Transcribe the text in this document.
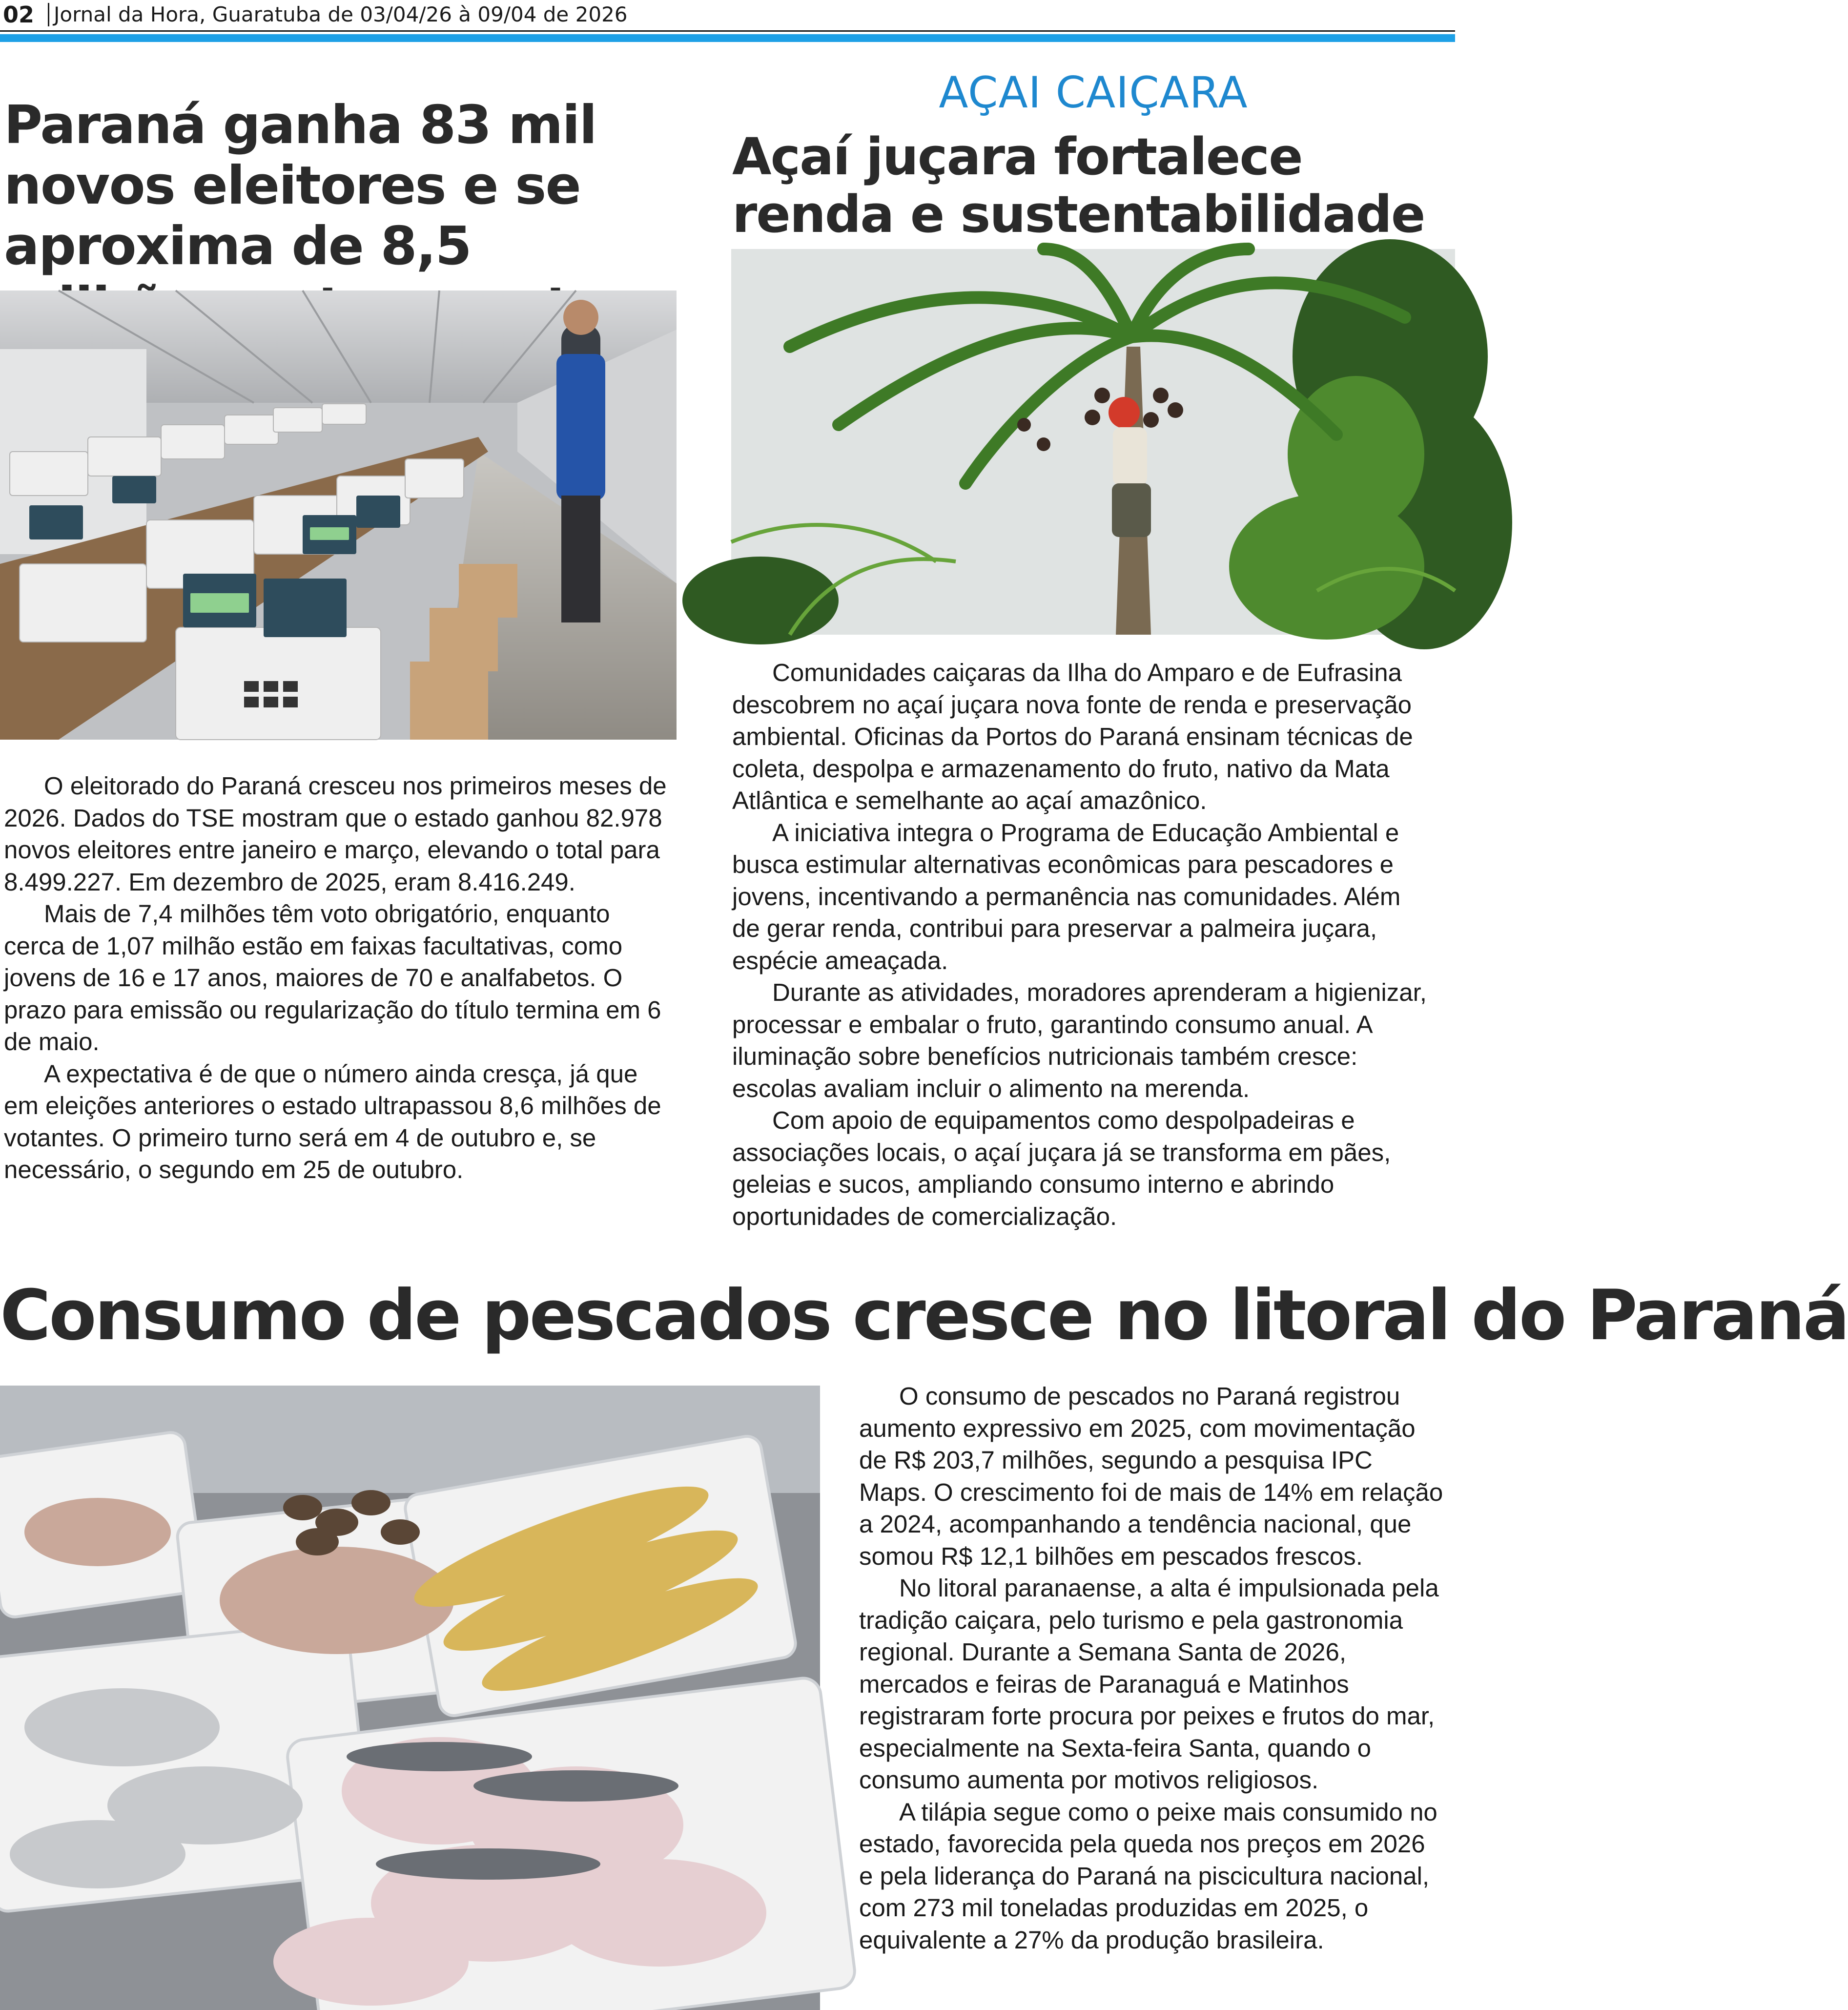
02 Jornal da Hora, Guaratuba de 03/04/26 à 09/04 de 2026
Paraná ganha 83 mil novos eleitores e se aproxima de 8,5

O eleitorado do Paraná cresceu nos primeiros meses de 2026. Dados do TSE mostram que o estado ganhou 82.978 novos eleitores entre janeiro e março, elevando o total para 8.499.227. Em dezembro de 2025, eram 8.416.249.

Mais de 7,4 milhões têm voto obrigatório, enquanto cerca de 1,07 milhão estão em faixas facultativas, como jovens de 16 e 17 anos, maiores de 70 e analfabetos. O prazo para emissão ou regularização do título termina em 6 de maio.

A expectativa é de que o número ainda cresça, já que em eleições anteriores o estado ultrapassou 8,6 milhões de votantes. O primeiro turno será em 4 de outubro e, se necessário, o segundo em 25 de outubro.

AÇAI CAIÇARA
Açaí juçara fortalece renda e sustentabilidade

Comunidades caiçaras da Ilha do Amparo e de Eufrasina descobrem no açaí juçara nova fonte de renda e preservação ambiental. Oficinas da Portos do Paraná ensinam técnicas de coleta, despolpa e armazenamento do fruto, nativo da Mata Atlântica e semelhante ao açaí amazônico.

A iniciativa integra o Programa de Educação Ambiental e busca estimular alternativas econômicas para pescadores e jovens, incentivando a permanência nas comunidades. Além de gerar renda, contribui para preservar a palmeira juçara, espécie ameaçada.

Durante as atividades, moradores aprenderam a higienizar, processar e embalar o fruto, garantindo consumo anual. A iluminação sobre benefícios nutricionais também cresce: escolas avaliam incluir o alimento na merenda.

Com apoio de equipamentos como despolpadeiras e associações locais, o açaí juçara já se transforma em pães, geleias e sucos, ampliando consumo interno e abrindo oportunidades de comercialização.

Consumo de pescados cresce no litoral do Paraná

O consumo de pescados no Paraná registrou aumento expressivo em 2025, com movimentação de R$ 203,7 milhões, segundo a pesquisa IPC Maps. O crescimento foi de mais de 14% em relação a 2024, acompanhando a tendência nacional, que somou R$ 12,1 bilhões em pescados frescos.

No litoral paranaense, a alta é impulsionada pela tradição caiçara, pelo turismo e pela gastronomia regional. Durante a Semana Santa de 2026, mercados e feiras de Paranaguá e Matinhos registraram forte procura por peixes e frutos do mar, especialmente na Sexta-feira Santa, quando o consumo aumenta por motivos religiosos.

A tilápia segue como o peixe mais consumido no estado, favorecida pela queda nos preços em 2026 e pela liderança do Paraná na piscicultura nacional, com 273 mil toneladas produzidas em 2025, o equivalente a 27% da produção brasileira.
